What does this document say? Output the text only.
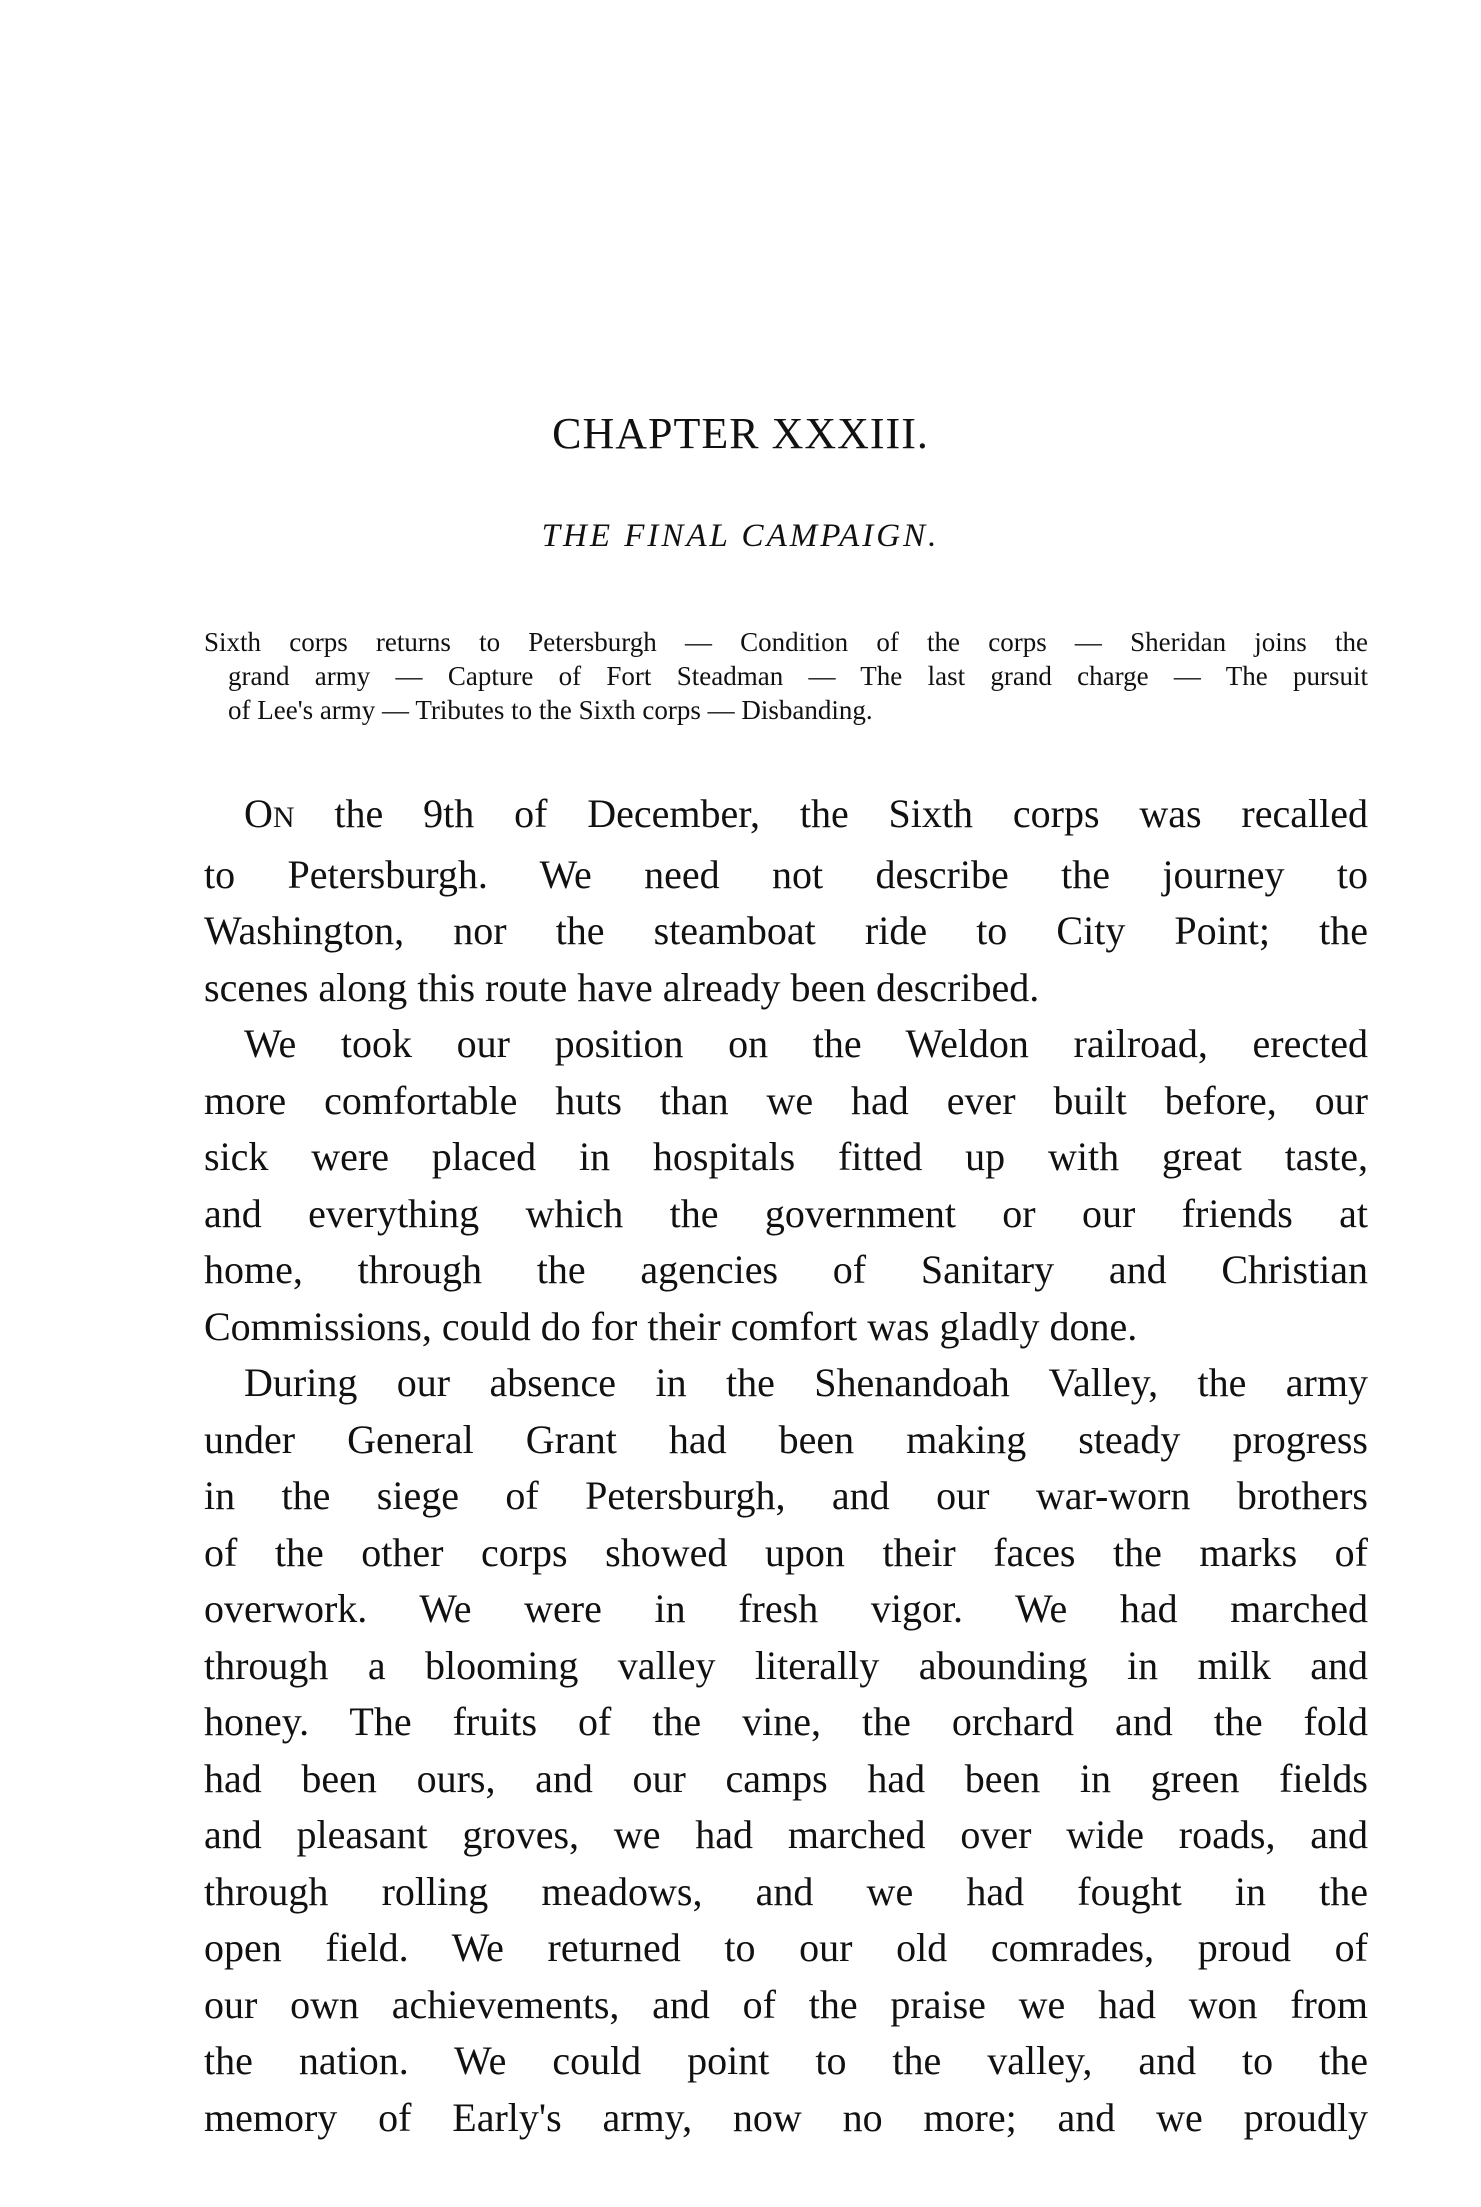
CHAPTER XXXIII.
THE FINAL CAMPAIGN.
Sixth corps returns to Petersburgh — Condition of the corps — Sheridan joins the
grand army — Capture of Fort Steadman — The last grand charge — The pursuit
of Lee's army — Tributes to the Sixth corps — Disbanding.
ON the 9th of December, the Sixth corps was recalled
to Petersburgh. We need not describe the journey to
Washington, nor the steamboat ride to City Point; the
scenes along this route have already been described.
We took our position on the Weldon railroad, erected
more comfortable huts than we had ever built before, our
sick were placed in hospitals fitted up with great taste,
and everything which the government or our friends at
home, through the agencies of Sanitary and Christian
Commissions, could do for their comfort was gladly done.
During our absence in the Shenandoah Valley, the army
under General Grant had been making steady progress
in the siege of Petersburgh, and our war-worn brothers
of the other corps showed upon their faces the marks of
overwork. We were in fresh vigor. We had marched
through a blooming valley literally abounding in milk and
honey. The fruits of the vine, the orchard and the fold
had been ours, and our camps had been in green fields
and pleasant groves, we had marched over wide roads, and
through rolling meadows, and we had fought in the
open field. We returned to our old comrades, proud of
our own achievements, and of the praise we had won from
the nation. We could point to the valley, and to the
memory of Early's army, now no more; and we proudly
